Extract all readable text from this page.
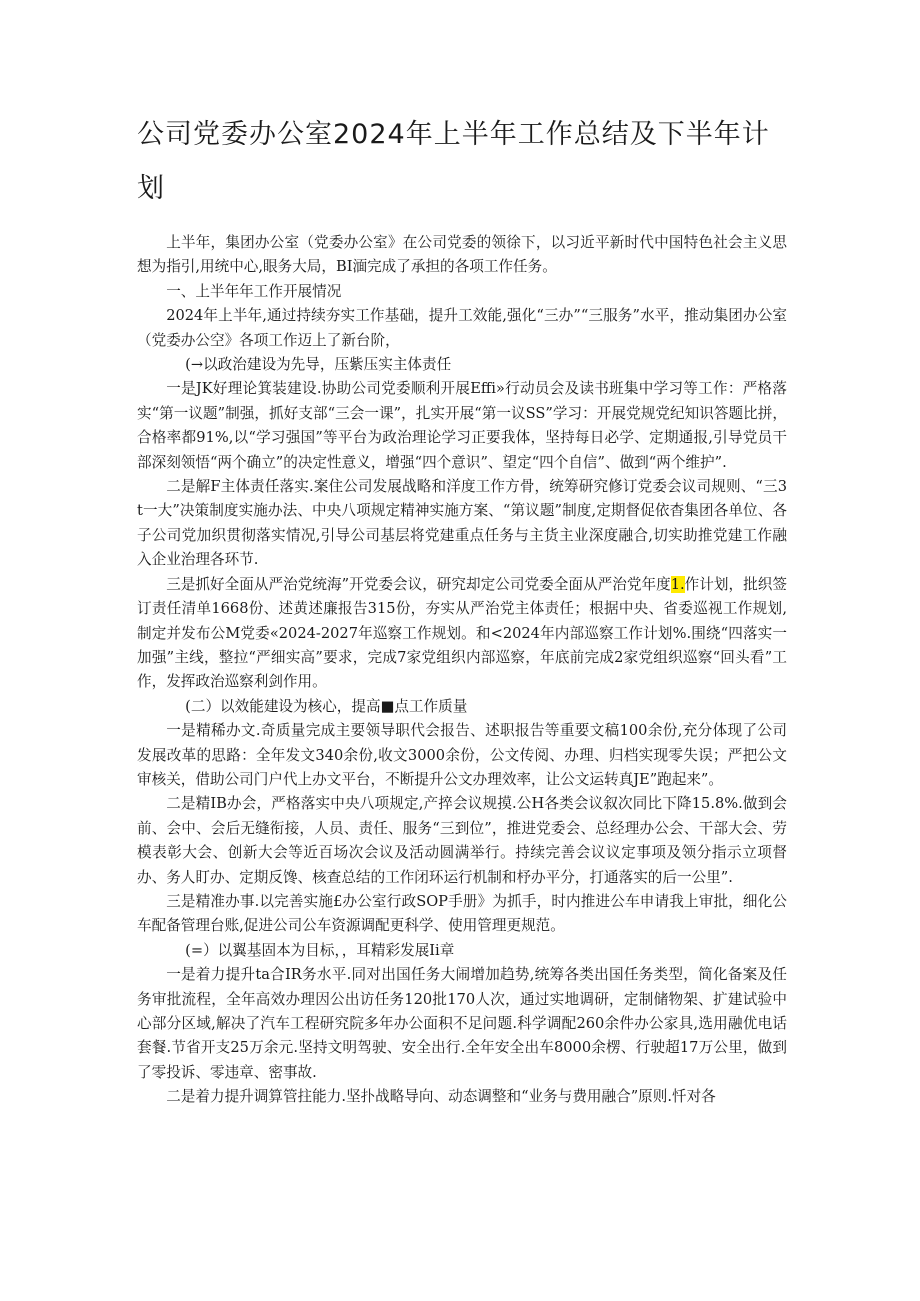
公司党委办公室2024年上半年工作总结及下半年计划

上半年，集团办公室（党委办公室》在公司党委的领徐下，以习近平新时代中国特色社会主义思想为指引,用统中心,眼务大局，BI湎完成了承担的各项工作任务。

一、上半年年工作开展情况

2024年上半年,通过持续夯实工作基础，提升工效能,强化“三办”“三服务”水平，推动集团办公室（党委办公空》各项工作迈上了新台阶，

(→以政治建设为先导，压紫压实主体责任

一是JK好理论箕装建设.协助公司党委顺利开展Effi»行动员会及读书班集中学习等工作：严格落实“第一议题”制强，抓好支部“三会一课”，扎实开展“第一议SS”学习：开展党规党纪知识答题比拼，合格率都91%,以“学习强国”等平台为政治理论学习正要我体，坚持每日必学、定期通报,引导党员干部深刻领悟“两个确立”的决定性意义，增强“四个意识”、望定“四个自信”、做到“两个维护”.

二是解F主体责任落实.案住公司发展战略和洋度工作方骨，统筹研究修订党委会议司规则、“三3t一大”决策制度实施办法、中央八项规定精神实施方案、“第议题”制度,定期督促依杳集团各单位、各子公司党加织贯彻落实情况,引导公司基层将党建重点任务与主货主业深度融合,切实助推党建工作融入企业治理各环节.

三是抓好全面从严治党统海”开党委会议，研究却定公司党委全面从严治党年度1.作计划，批织签订责任清单1668份、述黄述廉报告315份，夯实从严治党主体责任；根据中央、省委巡视工作规划,制定并发布公M党委«2024-2027年巡察工作规划。和<2024年内部巡察工作计划%.围绕“四落实一加强”主线，整拉“严细实高”要求，完成7家党组织内部巡察，年底前完成2家党组织巡察“回头看”工作，发挥政治巡察利剑作用。

(二）以效能建设为核心，提高■点工作质量

一是精稀办文.奇质量完成主要领导职代会报告、述职报告等重要文稿100余份,充分体现了公司发展改革的思路：全年发文340余份,收文3000余份，公文传阅、办理、归档实现零失误；严把公文审核关，借助公司门户代上办文平台，不断提升公文办理效率，让公文运转真JE”跑起来”。

二是精IB办会，严格落实中央八项规定,产捽会议规摸.公H各类会议叙次同比下降15.8%.做到会前、会中、会后无缝衔接，人员、责任、服务“三到位”，推进党委会、总经理办公会、干部大会、劳模表彰大会、创新大会等近百场次会议及活动圆满举行。持续完善会议议定事项及领分指示立项督办、务人盯办、定期反馋、核查总结的工作闭环运行机制和杼办平分，打通落实的后一公里”.

三是精准办事.以完善实施£办公室行政SOP手册》为抓手，时内推进公车申请我上审批，细化公车配备管理台账,促进公司公车资源调配更科学、使用管理更规范。

(=）以翼基固本为目标，，耳精彩发展Ii章

一是着力提升ta合IR务水平.同对出国任务大闹增加趋势,统筹各类出国任务类型，简化备案及任务审批流程，全年高效办理因公出访任务120批170人次，通过实地调研，定制储物架、扩建试验中心部分区域,解决了汽车工程研究院多年办公面积不足问题.科学调配260余件办公家具,选用融优电话套餐.节省开支25万余元.坚持文明驾驶、安全出行.全年安全出车8000余楞、行驶超17万公里，做到了零投诉、零违章、密事故.

二是着力提升调算管拄能力.坚扑战略导向、动态调整和“业务与费用融合”原则.忏对各
